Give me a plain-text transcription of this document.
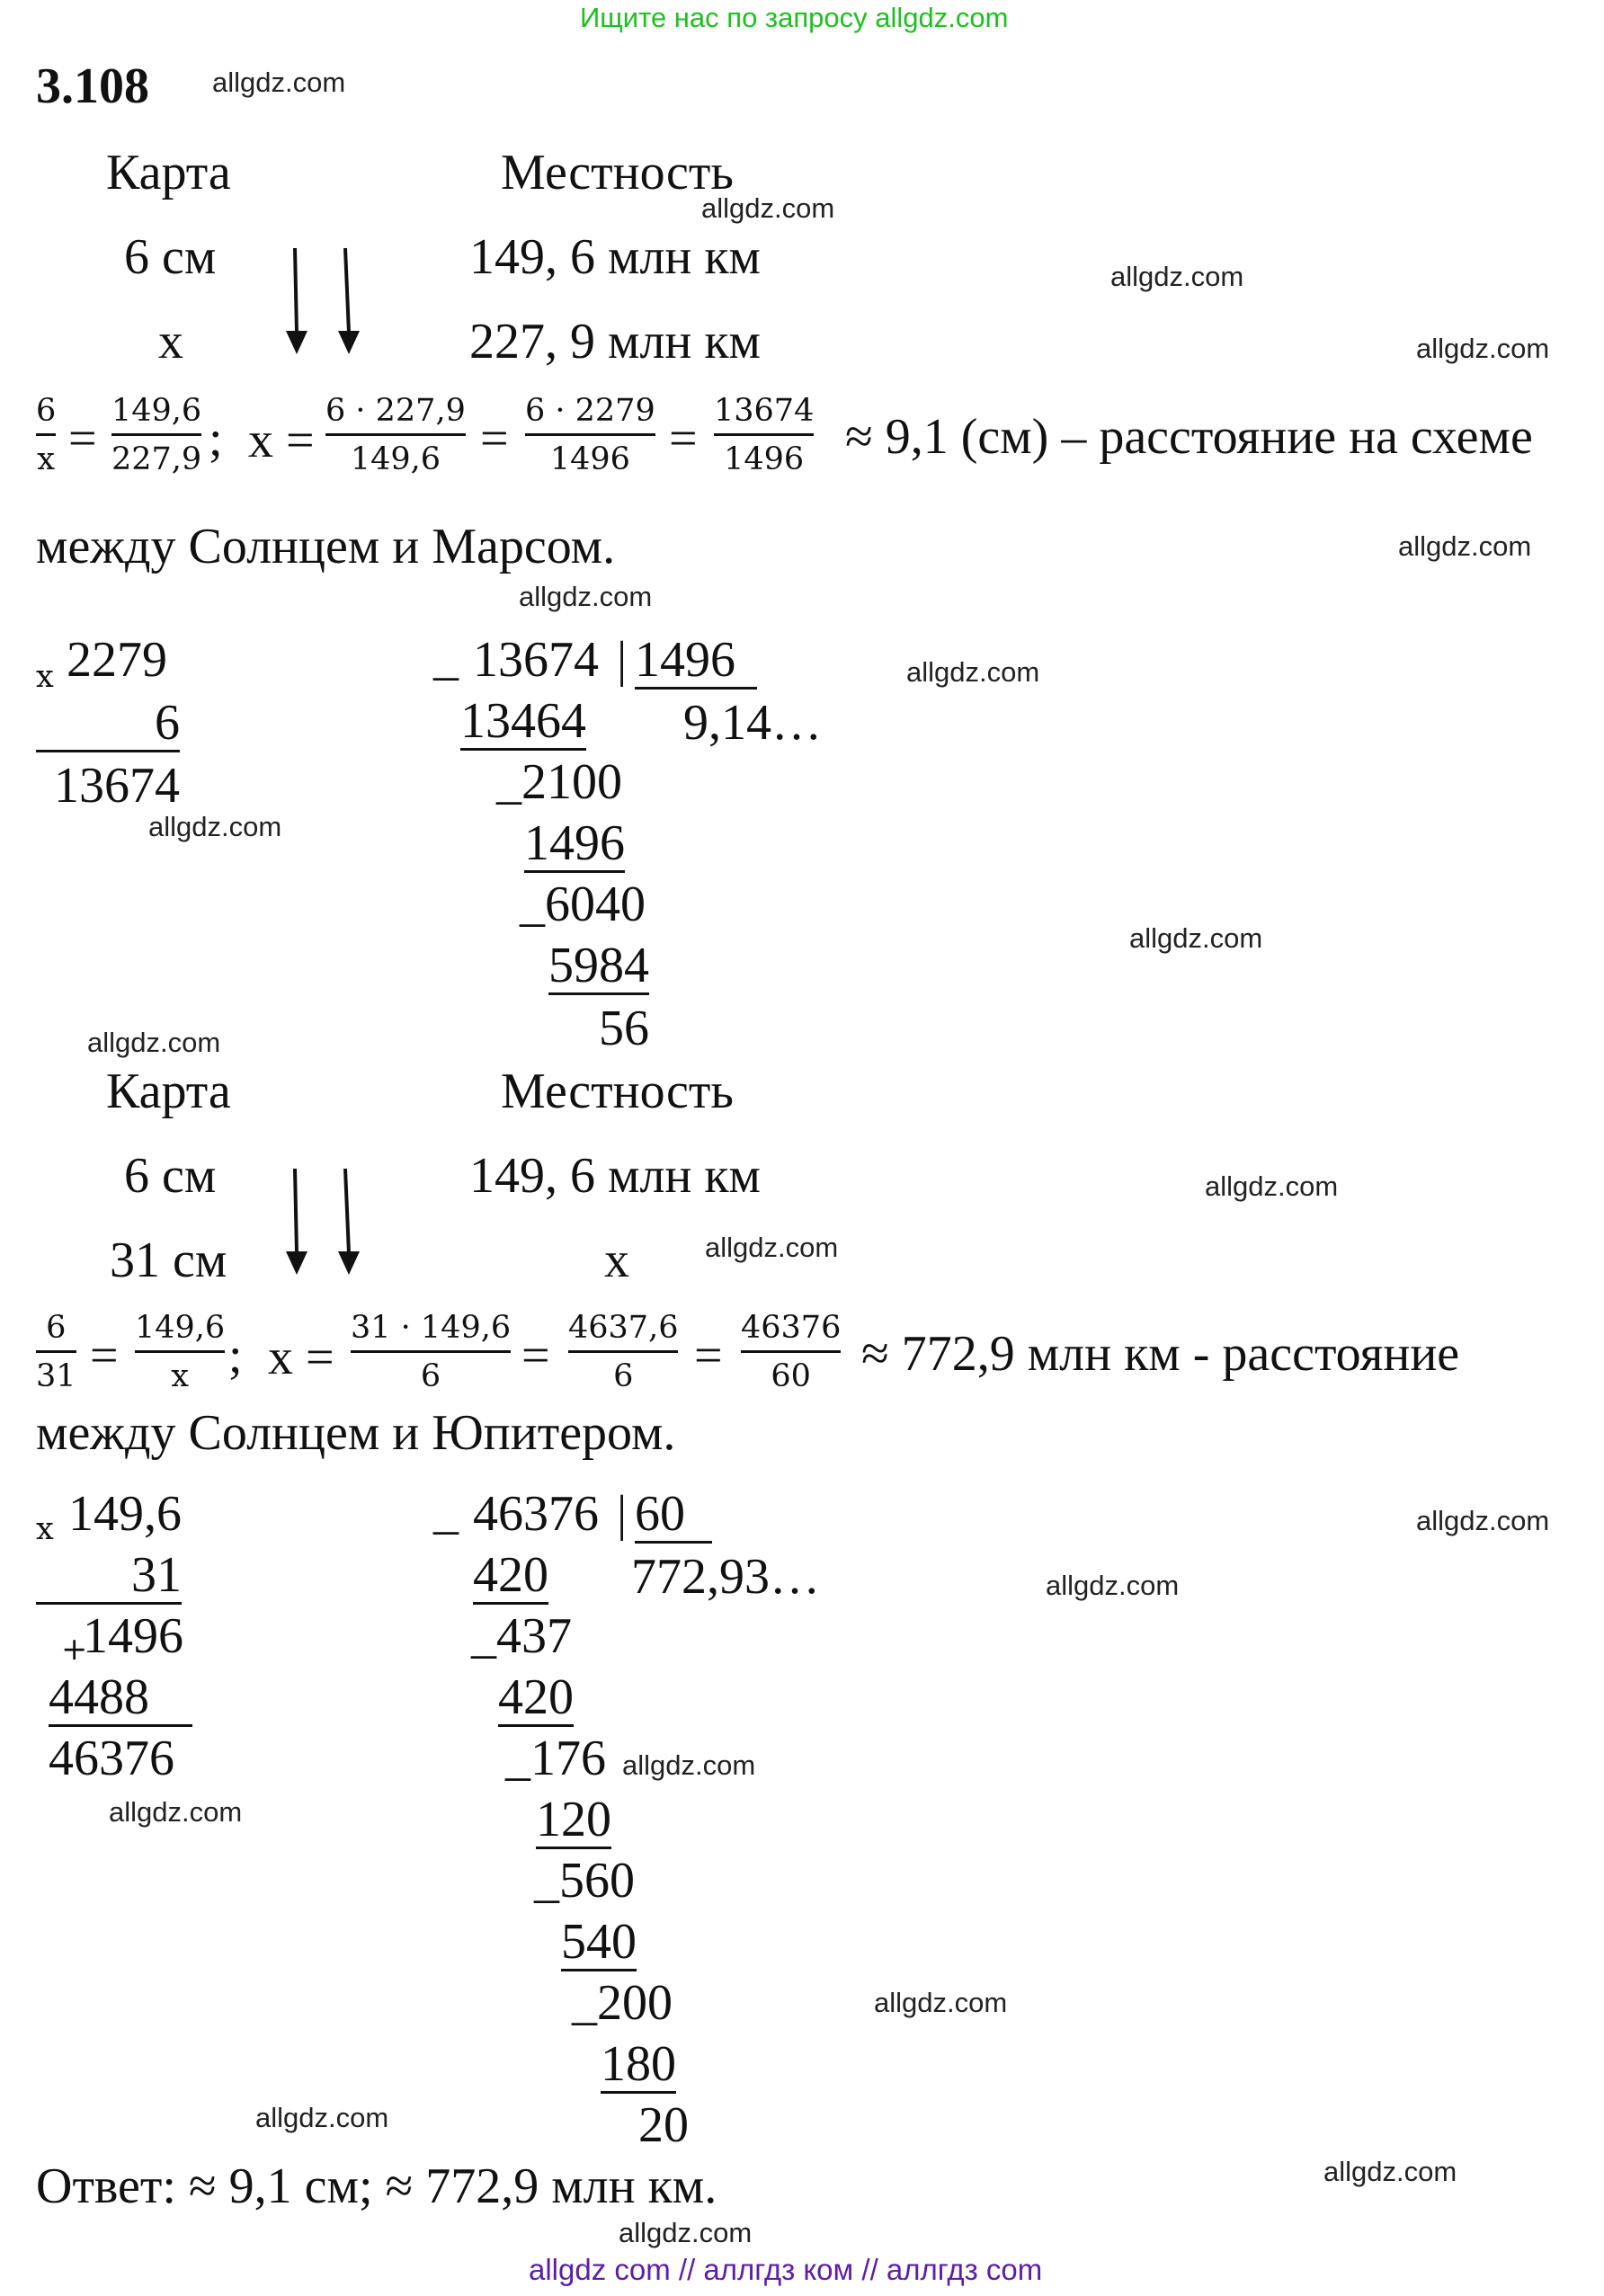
Ищите нас по запросу allgdz.com
allgdz com // аллгдз ком // аллгдз com
3.108 allgdz.com
allgdz.com
allgdz.com
allgdz.com
allgdz.com
allgdz.com
allgdz.com
allgdz.com
allgdz.com
allgdz.com
allgdz.com
allgdz.com
allgdz.com
allgdz.com
allgdz.com
allgdz.com
allgdz.com
allgdz.com
allgdz.com
allgdz.com
Карта	Местность
6 см	149, 6 млн км
x	227, 9 млн км
6
x = 149,6
227,9 ; x =
6 · 227,9
149,6 = 6 · 2279
1496 = 13674
1496 ≈ 9,1 (см) – расстояние на схеме
между Солнцем и Марсом.
x 2279
6
13674
_ 13674 | 1496
9,14…
13464
_2100
1496
_6040
5984
56
Карта	Местность
6 см	149, 6 млн км
31 см	x
6
31 = 149,6
x ; x =
31 · 149,6
6 = 4637,6
6 = 46376
60 ≈ 772,9 млн км - расстояние
между Солнцем и Юпитером.
x 149,6
31
+
1496
4488
46376
_ 46376 | 60
772,93…
420
_437
420
_176
120
_560
540
_200
180
20
Ответ: ≈ 9,1 см; ≈ 772,9 млн км.
